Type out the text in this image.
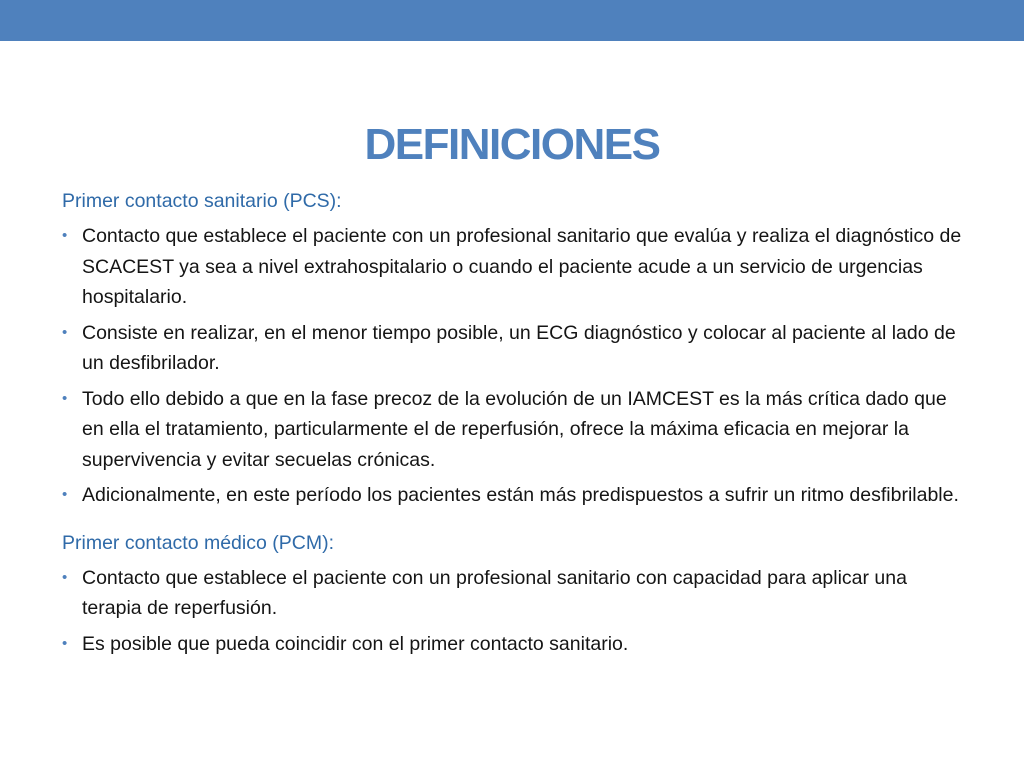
DEFINICIONES

Primer contacto sanitario (PCS):

• Contacto que establece el paciente con un profesional sanitario que evalúa y realiza el diagnóstico de SCACEST ya sea a nivel extrahospitalario o cuando el paciente acude a un servicio de urgencias hospitalario.
• Consiste en realizar, en el menor tiempo posible, un ECG diagnóstico y colocar al paciente al lado de un desfibrilador.
• Todo ello debido a que en la fase precoz de la evolución de un IAMCEST es la más crítica dado que en ella el tratamiento, particularmente el de reperfusión, ofrece la máxima eficacia en mejorar la supervivencia y evitar secuelas crónicas.
• Adicionalmente, en este período los pacientes están más predispuestos a sufrir un ritmo desfibrilable.

Primer contacto médico (PCM):

• Contacto que establece el paciente con un profesional sanitario con capacidad para aplicar una terapia de reperfusión.
• Es posible que pueda coincidir con el primer contacto sanitario.
